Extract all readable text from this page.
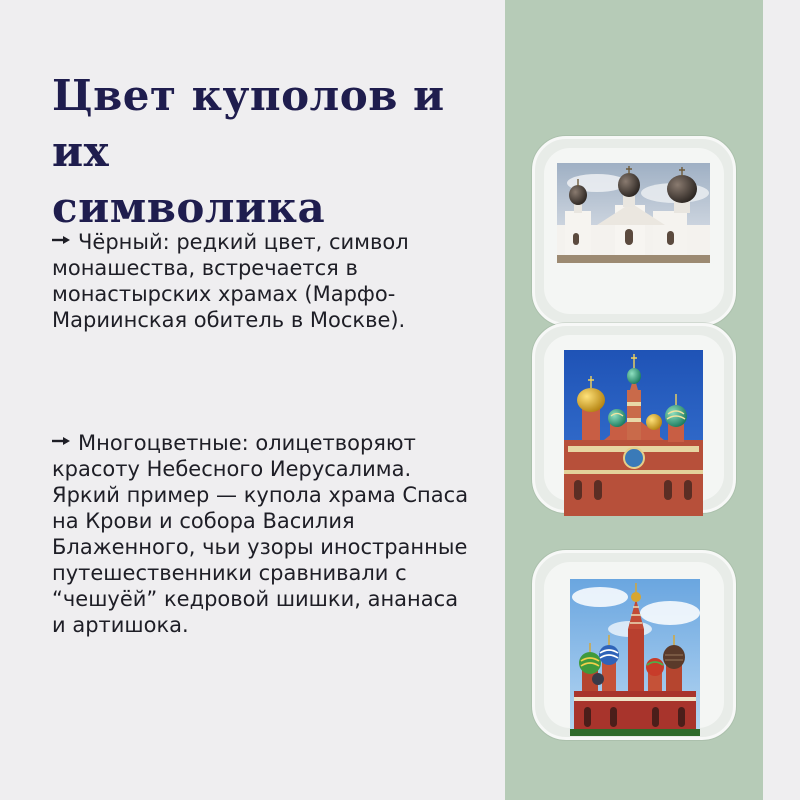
Цвет куполов и их
символика
Чёрный: редкий цвет, символ монашества, встречается в монастырских храмах (Марфо-Мариинская обитель в Москве).
Многоцветные: олицетворяют красоту Небесного Иерусалима. Яркий пример — купола храма Спаса на Крови и собора Василия Блаженного, чьи узоры иностранные путешественники сравнивали с “чешуёй” кедровой шишки, ананаса и артишока.
